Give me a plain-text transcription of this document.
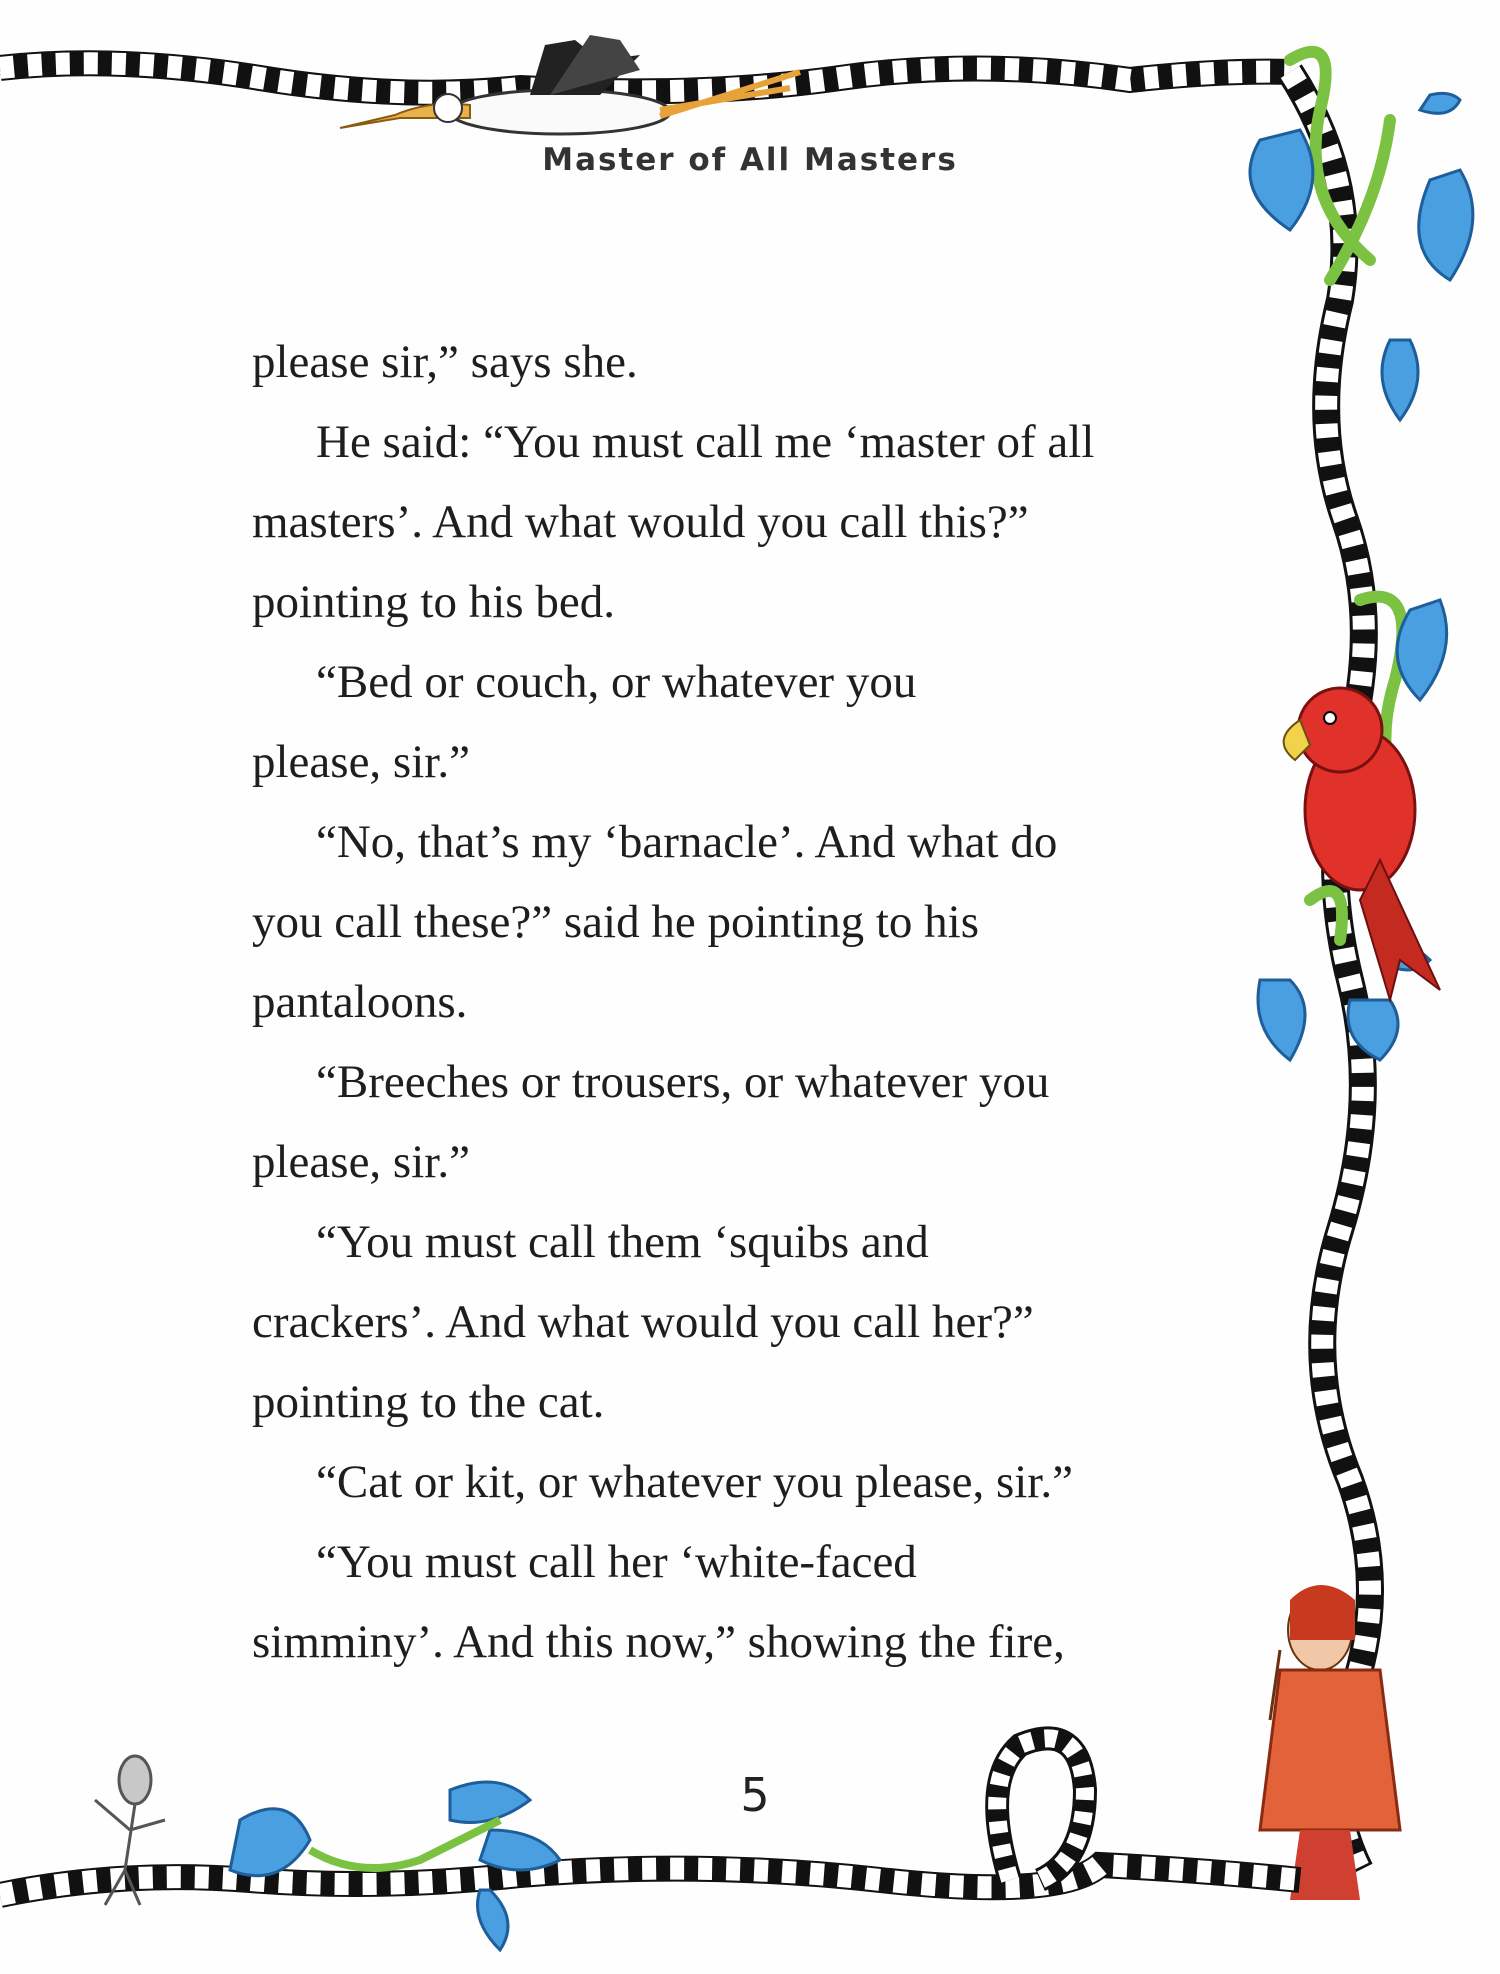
Master of All Masters
please sir,” says she.
He said: “You must call me ‘master of all
masters’. And what would you call this?”
pointing to his bed.
“Bed or couch, or whatever you
please, sir.”
“No, that’s my ‘barnacle’. And what do
you call these?” said he pointing to his
pantaloons.
“Breeches or trousers, or whatever you
please, sir.”
“You must call them ‘squibs and
crackers’. And what would you call her?”
pointing to the cat.
“Cat or kit, or whatever you please, sir.”
“You must call her ‘white-faced
simminy’. And this now,” showing the fire,
5
